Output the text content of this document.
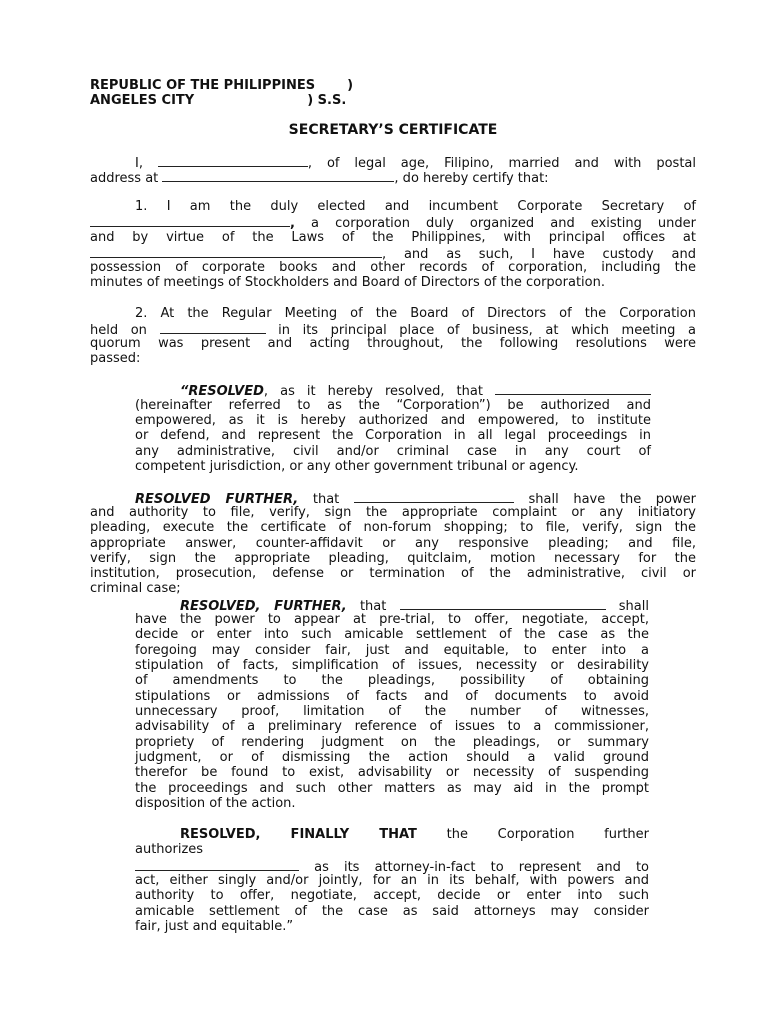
REPUBLIC OF THE PHILIPPINES )
ANGELES CITY	) S.S.
SECRETARY’S CERTIFICATE
I,	, of legal age, Filipino, married and with postal
address at	, do hereby certify that:
1. I am the duly elected and incumbent Corporate Secretary of
, a corporation duly organized and existing under
and by virtue of the Laws of the Philippines, with principal offices at
, and as such, I have custody and
possession of corporate books and other records of corporation, including the
minutes of meetings of Stockholders and Board of Directors of the corporation.
2. At the Regular Meeting of the Board of Directors of the Corporation
held on	in its principal place of business, at which meeting a
quorum was present and acting throughout, the following resolutions were
passed:
“RESOLVED, as it hereby resolved, that
(hereinafter referred to as the “Corporation”) be authorized and
empowered, as it is hereby authorized and empowered, to institute
or defend, and represent the Corporation in all legal proceedings in
any administrative, civil and/or criminal case in any court of
competent jurisdiction, or any other government tribunal or agency.
RESOLVED FURTHER, that	shall have the power
and authority to file, verify, sign the appropriate complaint or any initiatory
pleading, execute the certificate of non-forum shopping; to file, verify, sign the
appropriate answer, counter-affidavit or any responsive pleading; and file,
verify, sign the appropriate pleading, quitclaim, motion necessary for the
institution, prosecution, defense or termination of the administrative, civil or
criminal case;
RESOLVED, FURTHER, that	shall
have the power to appear at pre-trial, to offer, negotiate, accept,
decide or enter into such amicable settlement of the case as the
foregoing may consider fair, just and equitable, to enter into a
stipulation of facts, simplification of issues, necessity or desirability
of amendments to the pleadings, possibility of obtaining
stipulations or admissions of facts and of documents to avoid
unnecessary proof, limitation of the number of witnesses,
advisability of a preliminary reference of issues to a commissioner,
propriety of rendering judgment on the pleadings, or summary
judgment, or of dismissing the action should a valid ground
therefor be found to exist, advisability or necessity of suspending
the proceedings and such other matters as may aid in the prompt
disposition of the action.
RESOLVED, FINALLY THAT the Corporation further
authorizes
as its attorney-in-fact to represent and to
act, either singly and/or jointly, for an in its behalf, with powers and
authority to offer, negotiate, accept, decide or enter into such
amicable settlement of the case as said attorneys may consider
fair, just and equitable.”
